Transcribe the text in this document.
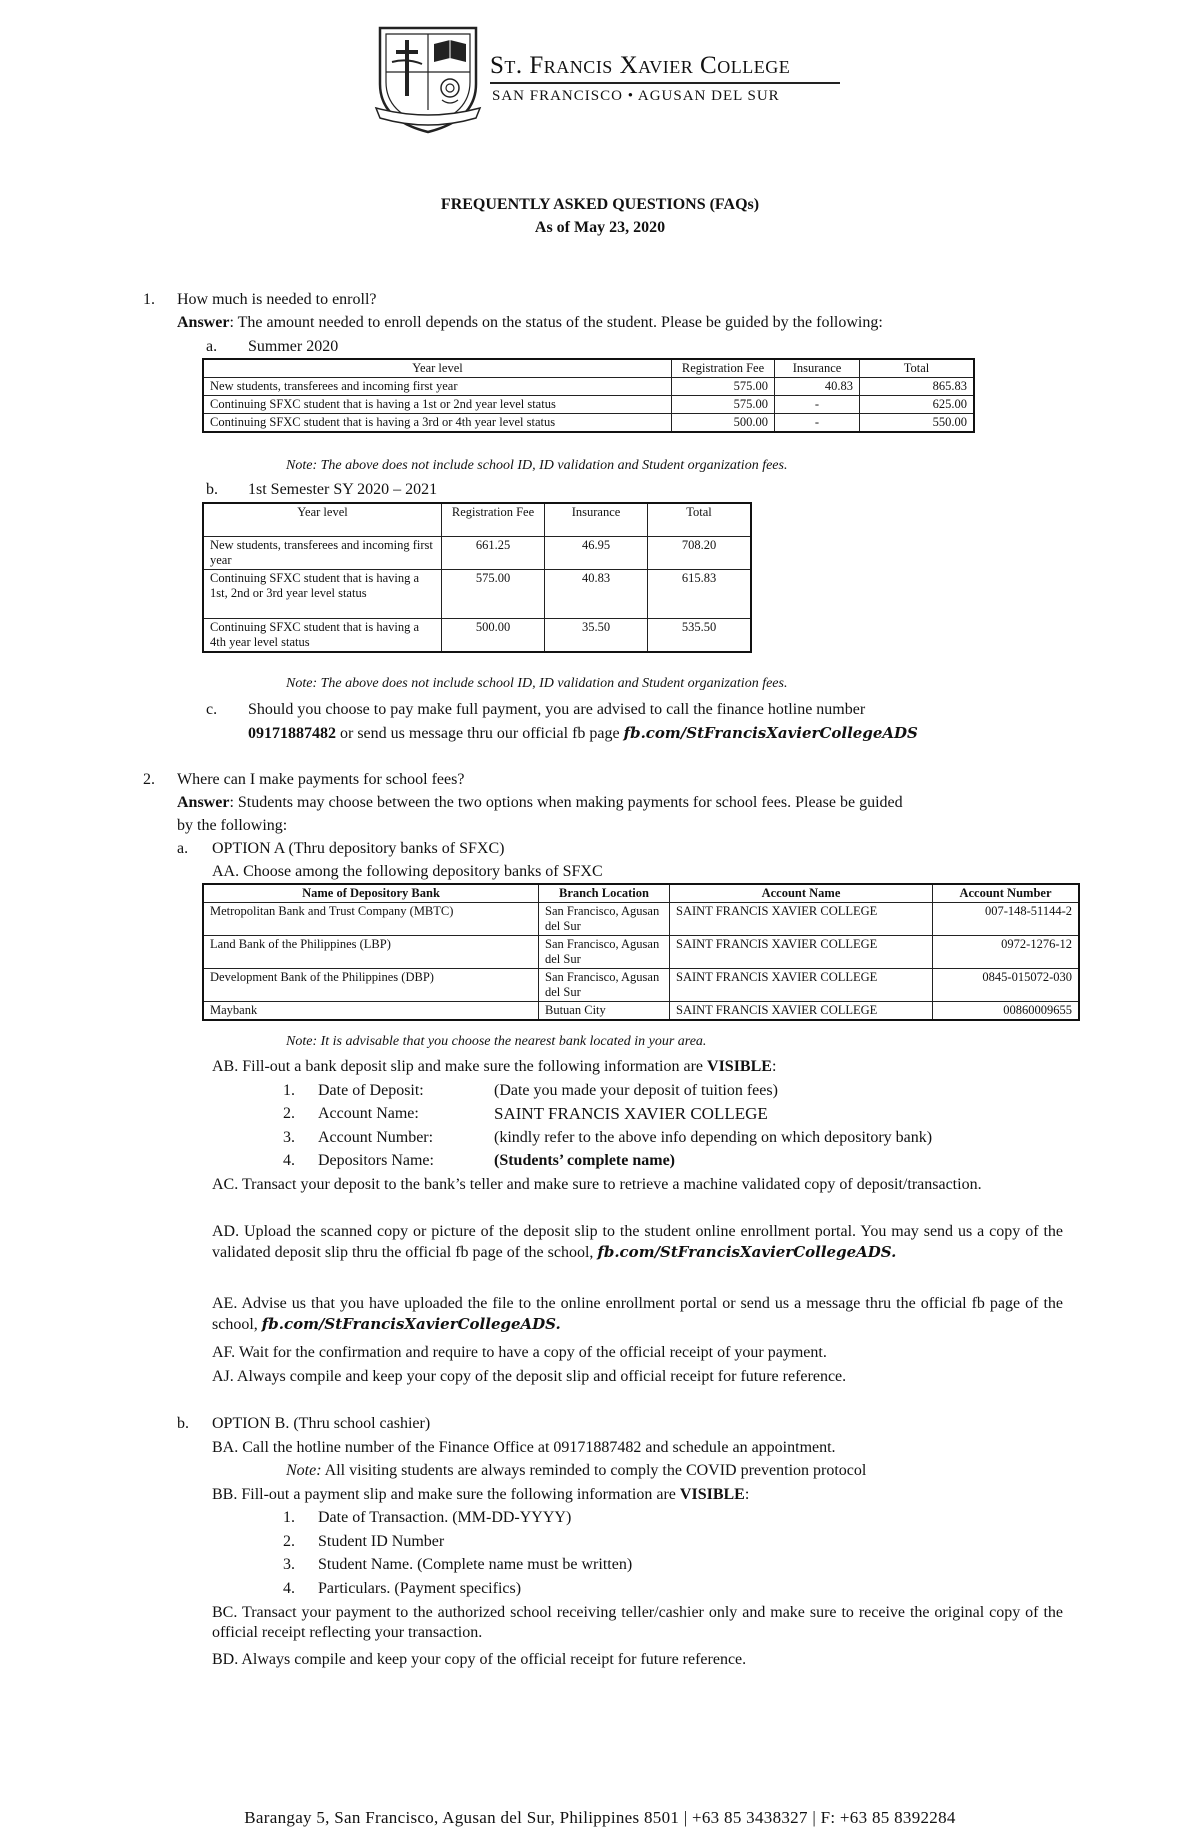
St. Francis Xavier College
SAN FRANCISCO • AGUSAN DEL SUR
FREQUENTLY ASKED QUESTIONS (FAQs)
As of May 23, 2020
1. How much is needed to enroll?
Answer: The amount needed to enroll depends on the status of the student. Please be guided by the following:
a. Summer 2020
Year level	Registration Fee	Insurance	Total
New students, transferees and incoming first year	575.00	40.83	865.83
Continuing SFXC student that is having a 1st or 2nd year level status	575.00	-	625.00
Continuing SFXC student that is having a 3rd or 4th year level status	500.00	-	550.00
Note: The above does not include school ID, ID validation and Student organization fees.
b. 1st Semester SY 2020 – 2021
Year level	Registration Fee	Insurance	Total
New students, transferees and incoming first year	661.25	46.95	708.20
Continuing SFXC student that is having a 1st, 2nd or 3rd year level status	575.00	40.83	615.83
Continuing SFXC student that is having a 4th year level status	500.00	35.50	535.50
Note: The above does not include school ID, ID validation and Student organization fees.
c. Should you choose to pay make full payment, you are advised to call the finance hotline number
09171887482 or send us message thru our official fb page fb.com/StFrancisXavierCollegeADS
2. Where can I make payments for school fees?
Answer: Students may choose between the two options when making payments for school fees. Please be guided
by the following:
a. OPTION A (Thru depository banks of SFXC)
AA. Choose among the following depository banks of SFXC
Name of Depository Bank	Branch Location	Account Name	Account Number
Metropolitan Bank and Trust Company (MBTC)	San Francisco, Agusan del Sur	SAINT FRANCIS XAVIER COLLEGE	007-148-51144-2
Land Bank of the Philippines (LBP)	San Francisco, Agusan del Sur	SAINT FRANCIS XAVIER COLLEGE	0972-1276-12
Development Bank of the Philippines (DBP)	San Francisco, Agusan del Sur	SAINT FRANCIS XAVIER COLLEGE	0845-015072-030
Maybank	Butuan City	SAINT FRANCIS XAVIER COLLEGE	00860009655
Note: It is advisable that you choose the nearest bank located in your area.
AB. Fill-out a bank deposit slip and make sure the following information are VISIBLE:
1. Date of Deposit:	(Date you made your deposit of tuition fees)
2. Account Name:	SAINT FRANCIS XAVIER COLLEGE
3. Account Number:	(kindly refer to the above info depending on which depository bank)
4. Depositors Name:	(Students’ complete name)
AC. Transact your deposit to the bank’s teller and make sure to retrieve a machine validated copy of deposit/transaction.
AD. Upload the scanned copy or picture of the deposit slip to the student online enrollment portal. You may send us a copy of the validated deposit slip thru the official fb page of the school, fb.com/StFrancisXavierCollegeADS.
AE. Advise us that you have uploaded the file to the online enrollment portal or send us a message thru the official fb page of the school, fb.com/StFrancisXavierCollegeADS.
AF. Wait for the confirmation and require to have a copy of the official receipt of your payment.
AJ. Always compile and keep your copy of the deposit slip and official receipt for future reference.
b. OPTION B. (Thru school cashier)
BA. Call the hotline number of the Finance Office at 09171887482 and schedule an appointment.
Note: All visiting students are always reminded to comply the COVID prevention protocol
BB. Fill-out a payment slip and make sure the following information are VISIBLE:
1. Date of Transaction. (MM-DD-YYYY)
2. Student ID Number
3. Student Name. (Complete name must be written)
4. Particulars. (Payment specifics)
BC. Transact your payment to the authorized school receiving teller/cashier only and make sure to receive the original copy of the official receipt reflecting your transaction.
BD. Always compile and keep your copy of the official receipt for future reference.
Barangay 5, San Francisco, Agusan del Sur, Philippines 8501 | +63 85 3438327 | F: +63 85 8392284
